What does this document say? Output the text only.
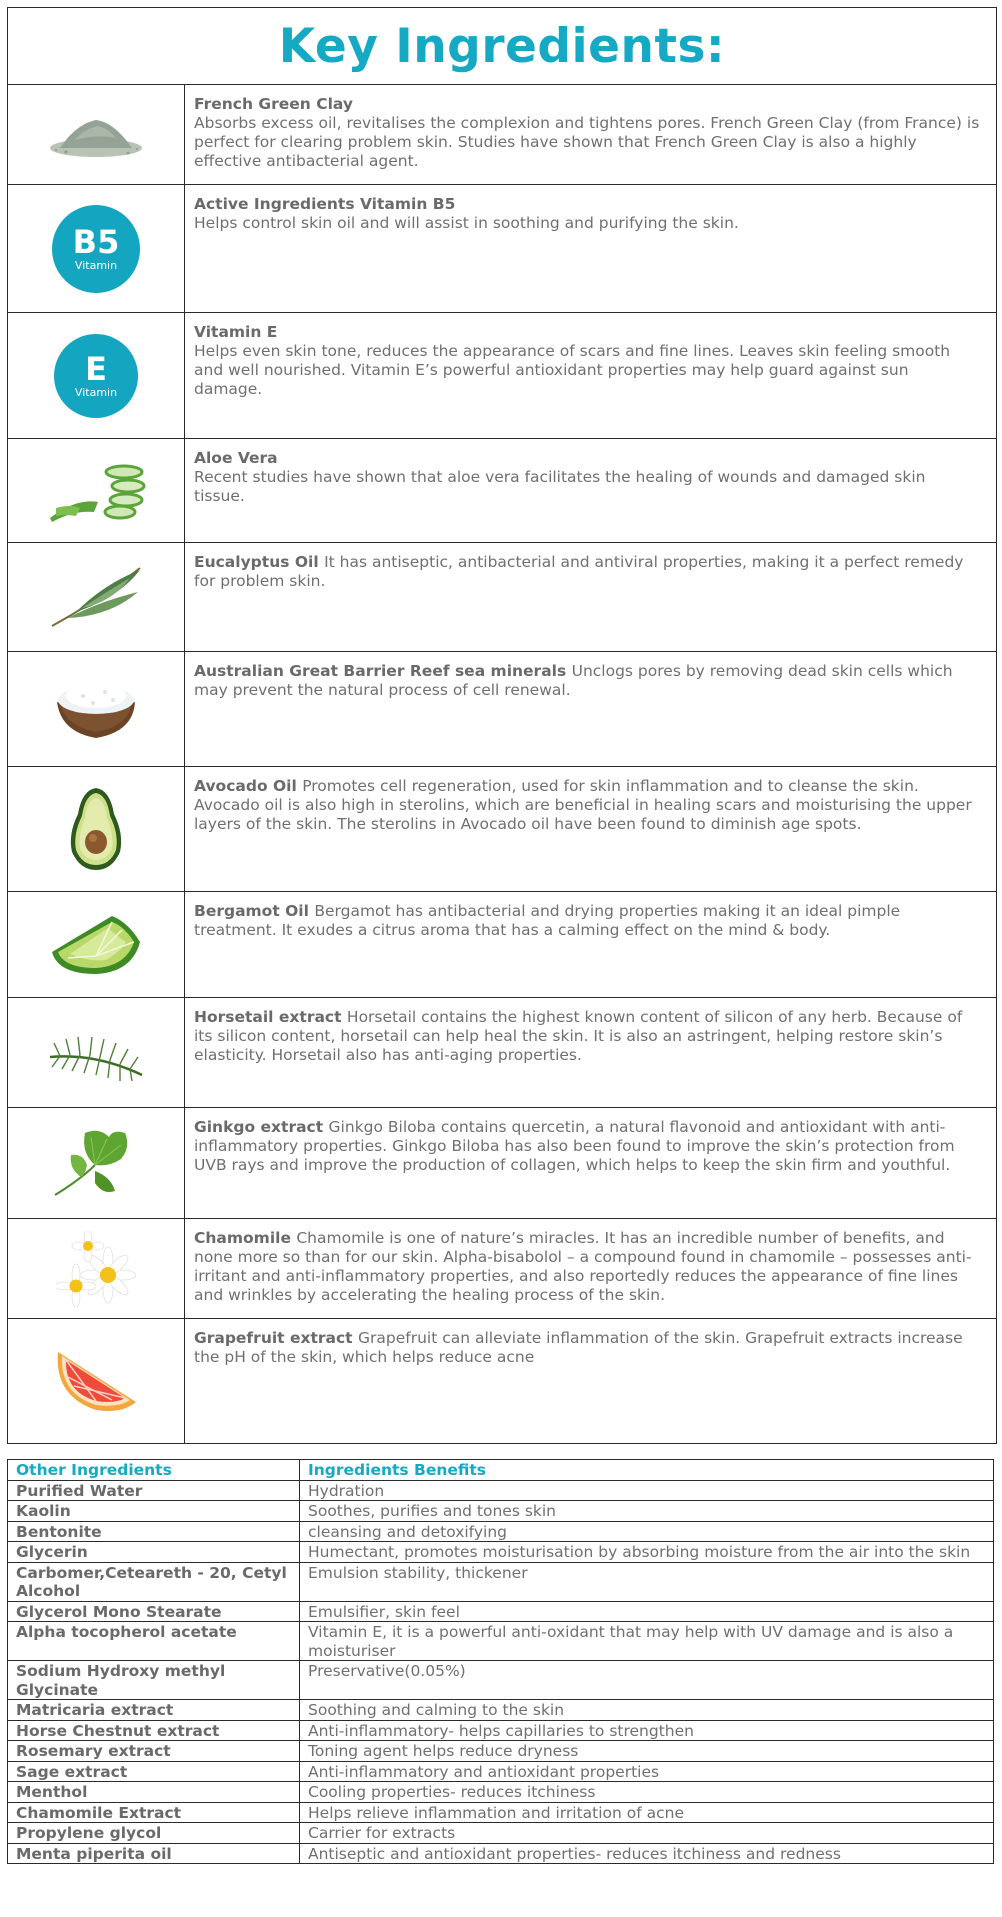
Key Ingredients:
French Green Clay
Absorbs excess oil, revitalises the complexion and tightens pores. French Green Clay (from France) is perfect for clearing problem skin. Studies have shown that French Green Clay is also a highly effective antibacterial agent.
B5
Vitamin
Active Ingredients Vitamin B5
Helps control skin oil and will assist in soothing and purifying the skin.
E
Vitamin
Vitamin E
Helps even skin tone, reduces the appearance of scars and fine lines. Leaves skin feeling smooth and well nourished. Vitamin E’s powerful antioxidant properties may help guard against sun damage.
Aloe Vera
Recent studies have shown that aloe vera facilitates the healing of wounds and damaged skin tissue.
Eucalyptus Oil It has antiseptic, antibacterial and antiviral properties, making it a perfect remedy for problem skin.
Australian Great Barrier Reef sea minerals Unclogs pores by removing dead skin cells which may prevent the natural process of cell renewal.
Avocado Oil Promotes cell regeneration, used for skin inflammation and to cleanse the skin. Avocado oil is also high in sterolins, which are beneficial in healing scars and moisturising the upper layers of the skin. The sterolins in Avocado oil have been found to diminish age spots.
Bergamot Oil Bergamot has antibacterial and drying properties making it an ideal pimple treatment. It exudes a citrus aroma that has a calming effect on the mind & body.
Horsetail extract Horsetail contains the highest known content of silicon of any herb. Because of its silicon content, horsetail can help heal the skin. It is also an astringent, helping restore skin’s elasticity. Horsetail also has anti-aging properties.
Ginkgo extract Ginkgo Biloba contains quercetin, a natural flavonoid and antioxidant with anti-inflammatory properties. Ginkgo Biloba has also been found to improve the skin’s protection from UVB rays and improve the production of collagen, which helps to keep the skin firm and youthful.
Chamomile Chamomile is one of nature’s miracles. It has an incredible number of benefits, and none more so than for our skin. Alpha-bisabolol – a compound found in chamomile – possesses anti-irritant and anti-inflammatory properties, and also reportedly reduces the appearance of fine lines and wrinkles by accelerating the healing process of the skin.
Grapefruit extract Grapefruit can alleviate inflammation of the skin. Grapefruit extracts increase the pH of the skin, which helps reduce acne
Other Ingredients	Ingredients Benefits
Purified Water	Hydration
Kaolin	Soothes, purifies and tones skin
Bentonite	cleansing and detoxifying
Glycerin	Humectant, promotes moisturisation by absorbing moisture from the air into the skin
Carbomer,Ceteareth - 20, Cetyl Alcohol	Emulsion stability, thickener
Glycerol Mono Stearate	Emulsifier, skin feel
Alpha tocopherol acetate	Vitamin E, it is a powerful anti-oxidant that may help with UV damage and is also a moisturiser
Sodium Hydroxy methyl Glycinate	Preservative(0.05%)
Matricaria extract	Soothing and calming to the skin
Horse Chestnut extract	Anti-inflammatory- helps capillaries to strengthen
Rosemary extract	Toning agent helps reduce dryness
Sage extract	Anti-inflammatory and antioxidant properties
Menthol	Cooling properties- reduces itchiness
Chamomile Extract	Helps relieve inflammation and irritation of acne
Propylene glycol	Carrier for extracts
Menta piperita oil	Antiseptic and antioxidant properties- reduces itchiness and redness
